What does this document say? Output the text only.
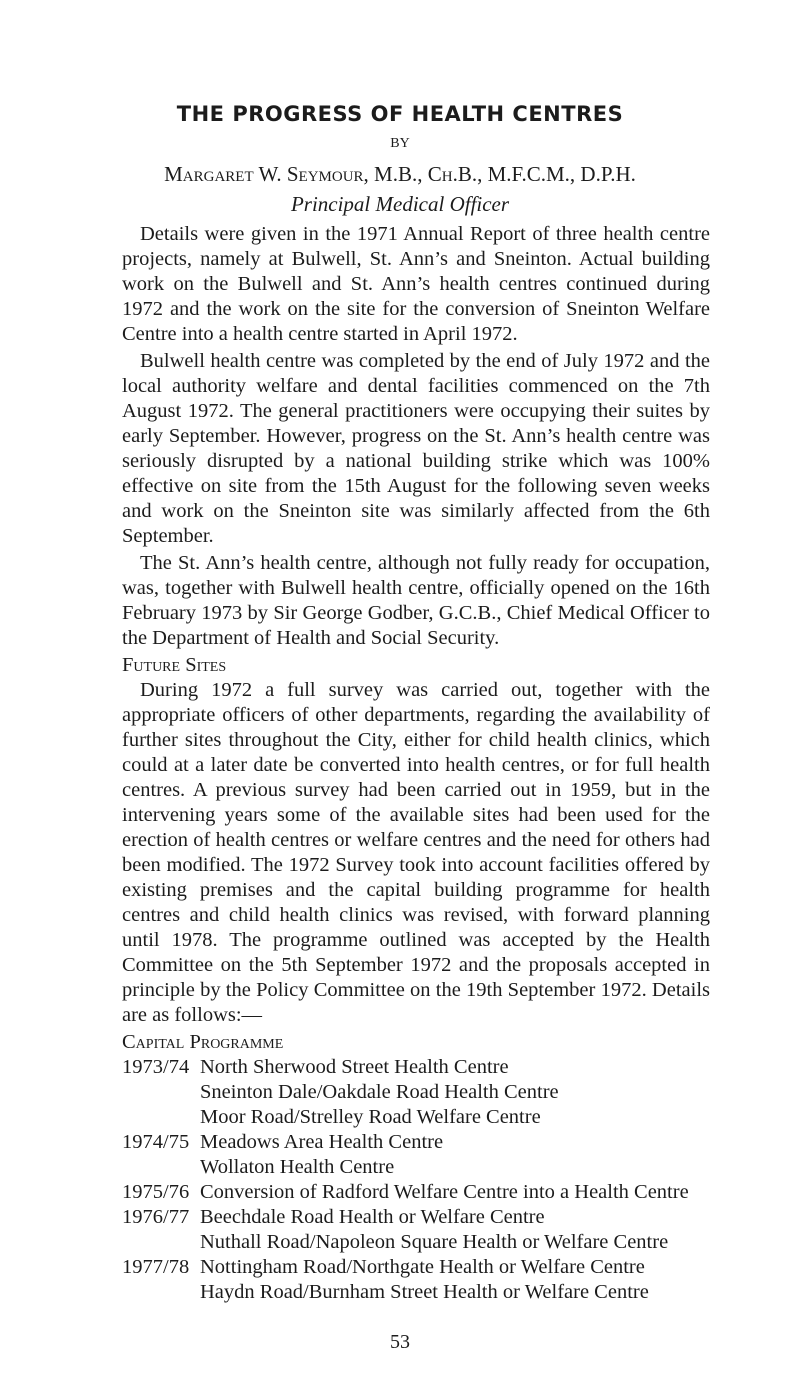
THE PROGRESS OF HEALTH CENTRES
BY
Margaret W. Seymour, M.B., Ch.B., M.F.C.M., D.P.H.
Principal Medical Officer

Details were given in the 1971 Annual Report of three health centre projects, namely at Bulwell, St. Ann’s and Sneinton. Actual building work on the Bulwell and St. Ann’s health centres continued during 1972 and the work on the site for the conversion of Sneinton Welfare Centre into a health centre started in April 1972.

Bulwell health centre was completed by the end of July 1972 and the local authority welfare and dental facilities commenced on the 7th August 1972. The general practitioners were occupying their suites by early September. However, progress on the St. Ann’s health centre was seriously disrupted by a national building strike which was 100% effective on site from the 15th August for the following seven weeks and work on the Sneinton site was similarly affected from the 6th September.

The St. Ann’s health centre, although not fully ready for occupation, was, together with Bulwell health centre, officially opened on the 16th February 1973 by Sir George Godber, G.C.B., Chief Medical Officer to the Department of Health and Social Security.

Future Sites

During 1972 a full survey was carried out, together with the appropriate officers of other departments, regarding the availability of further sites throughout the City, either for child health clinics, which could at a later date be converted into health centres, or for full health centres. A previous survey had been carried out in 1959, but in the intervening years some of the available sites had been used for the erection of health centres or welfare centres and the need for others had been modified. The 1972 Survey took into account facilities offered by existing premises and the capital building programme for health centres and child health clinics was revised, with forward planning until 1978. The programme outlined was accepted by the Health Committee on the 5th September 1972 and the proposals accepted in principle by the Policy Committee on the 19th September 1972. Details are as follows:—

Capital Programme
1973/74 North Sherwood Street Health Centre
Sneinton Dale/Oakdale Road Health Centre
Moor Road/Strelley Road Welfare Centre
1974/75 Meadows Area Health Centre
Wollaton Health Centre
1975/76 Conversion of Radford Welfare Centre into a Health Centre
1976/77 Beechdale Road Health or Welfare Centre
Nuthall Road/Napoleon Square Health or Welfare Centre
1977/78 Nottingham Road/Northgate Health or Welfare Centre
Haydn Road/Burnham Street Health or Welfare Centre
53
